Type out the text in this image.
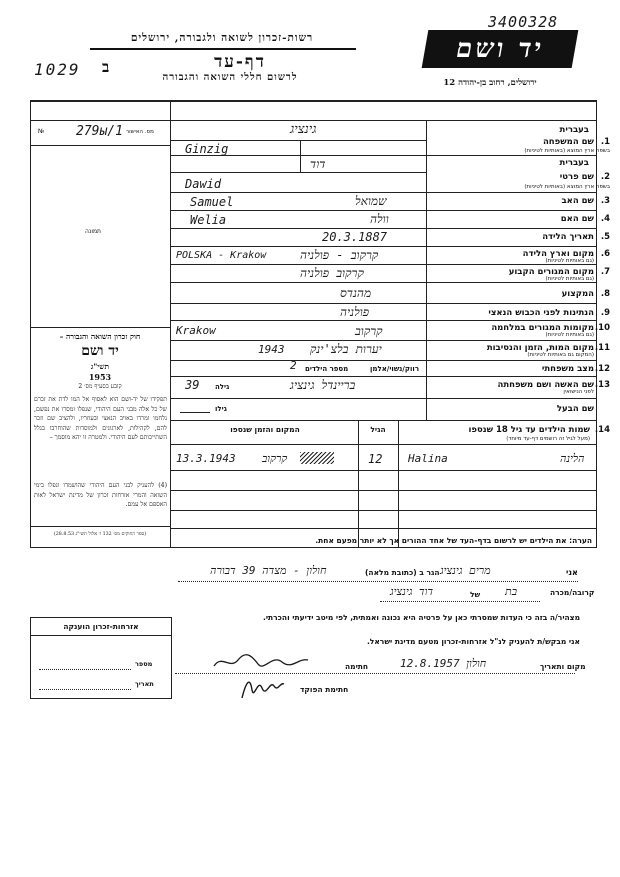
רשות-זכרון לשואה ולגבורה, ירושלים
דף-עד
לרשום חללי השואה והגבורה
יד ושם
ירושלים, רחוב בן-יהודה 12
3400328
1029 ב
מס. האישור
279ы/1
№
תמונה
חוק זכרון השואה והגבורה –
יד ושם
תשי"ג
1953
קובע בסעיף מס׳ 2
תפקידו של יד-ושם הוא לאסוף אל המו לדת את זכרם של כל אלה מבני העם היהודי, שנפלו ומסרו את נפשם, נלחמו ומרדו באויב הנאצי ובעוזריו, ולהציב שם וזכר להם, לקהילות, לארגונים ולמוסדות שהוחרבו בגלל השתייכותם לעם היהודי. ולמטרה זו יהא מוסמך –
(4) להעניק לבני העם היהודי שהושמדו ונפלו בימי השואה והמרי אזרחות זכרון של מדינת ישראל לאות האספם אל עמם.
(ספר החוקים מס׳ 132 ז׳ אלול תשי"ג 28.8.53)
בעברית
1.
שם המשפחה
בשפה ארץ המוצא (באותיות לטיניות)
גינציג
Ginzig
בעברית
2.
שם פרטי
בשפה ארץ המוצא (באותיות לטיניות)
דוד
Dawid
3.
שם האב
שמואל
Samuel
4.
שם האם
וולה
Welia
5.
תאריך הלידה
20.3.1887
6.
מקום וארץ הלידה
(גם באותיות לטיניות)
קרקוב - פולניה
POLSKA - Krakow
7.
מקום המגורים הקבוע
(גם באותיות לטיניות)
קרקוב פולניה
8.
המקצוע
מהנדס
9.
הנתינות לפני הכבוש הנאצי
פולניה
10.
מקומות המגורים במלחמה
(גם באותיות לטיניות)
קרקוב
Krakow
11.
מקום המות, הזמן והנסיבות
(המקום גם באותיות לטיניות)
יערות בלצ'ינק
1943
12.
מצב משפחתי
רווק/נשוי/אלמן
מספר הילדים
2
13.
שם האשה ושם משפחתה
לפני הנישואין
בריינדל גינציג
גילה
39
שם הבעל
גילו
14.
שמות הילדים עד גיל 18 שנספו
(מעל לגיל זה רושמים דף-עד מיוחד)
הגיל
המקום והזמן שנספו
הלינה
Halina
12
קרקוב
13.3.1943
הערה: את הילדים יש לרשום בדף-העד של אחד ההורים אך לא יותר מפעם אחת.
אני
מרים גינציג
הגר ב (כתובת מלאה)
חולון - מצדה 39 דבורה
קרובה/מכרה
בת
של
דוד גינציג
מצהיר/ה בזה כי העדות שמסרתי כאן על פרטיה היא נכונה ואמתית, לפי מיטב ידיעתי והכרתי.
אני מבקש/ת להעניק לנ"ל אזרחות-זכרון מטעם מדינת ישראל.
מקום ותאריך
חולון 12.8.1957
חתימה
חתימת הפוקד
אזרחות-זכרון הוענקה
מספר
תאריך
